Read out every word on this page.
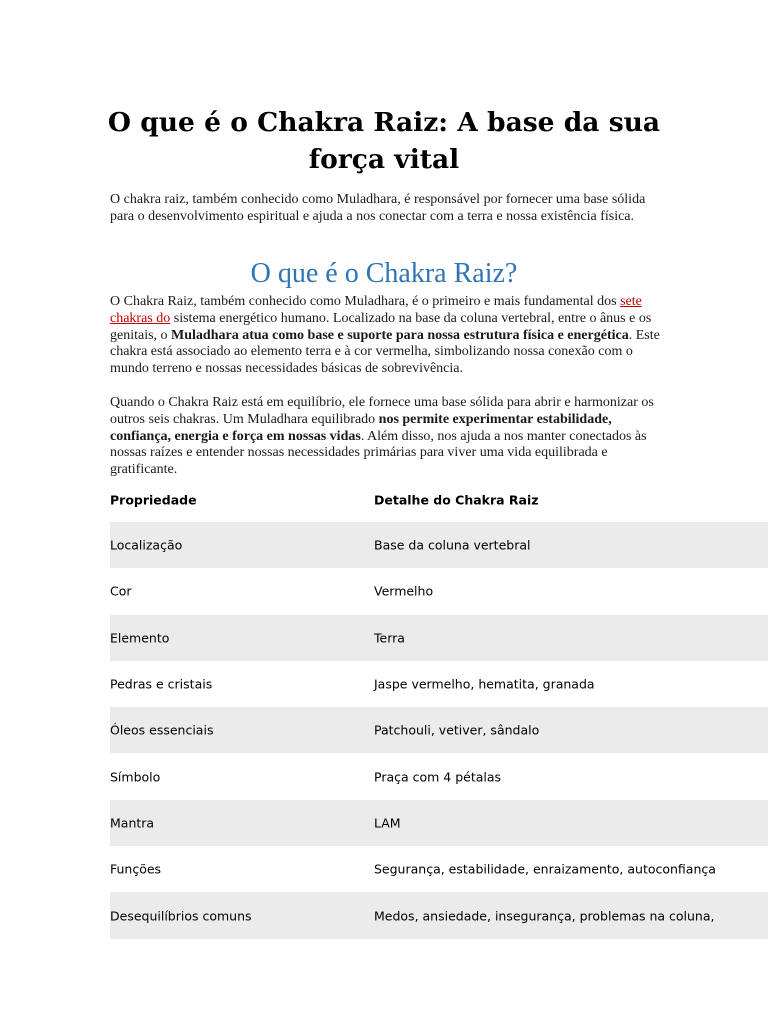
O que é o Chakra Raiz: A base da sua força vital

O chakra raiz, também conhecido como Muladhara, é responsável por fornecer uma base sólida para o desenvolvimento espiritual e ajuda a nos conectar com a terra e nossa existência física.

O que é o Chakra Raiz?

O Chakra Raiz, também conhecido como Muladhara, é o primeiro e mais fundamental dos sete chakras do sistema energético humano. Localizado na base da coluna vertebral, entre o ânus e os genitais, o Muladhara atua como base e suporte para nossa estrutura física e energética. Este chakra está associado ao elemento terra e à cor vermelha, simbolizando nossa conexão com o mundo terreno e nossas necessidades básicas de sobrevivência.

Quando o Chakra Raiz está em equilíbrio, ele fornece uma base sólida para abrir e harmonizar os outros seis chakras. Um Muladhara equilibrado nos permite experimentar estabilidade, confiança, energia e força em nossas vidas. Além disso, nos ajuda a nos manter conectados às nossas raízes e entender nossas necessidades primárias para viver uma vida equilibrada e gratificante.

Propriedade	Detalhe do Chakra Raiz
Localização	Base da coluna vertebral
Cor	Vermelho
Elemento	Terra
Pedras e cristais	Jaspe vermelho, hematita, granada
Óleos essenciais	Patchouli, vetiver, sândalo
Símbolo	Praça com 4 pétalas
Mantra	LAM
Funções	Segurança, estabilidade, enraizamento, autoconfiança
Desequilíbrios comuns	Medos, ansiedade, insegurança, problemas na coluna,
